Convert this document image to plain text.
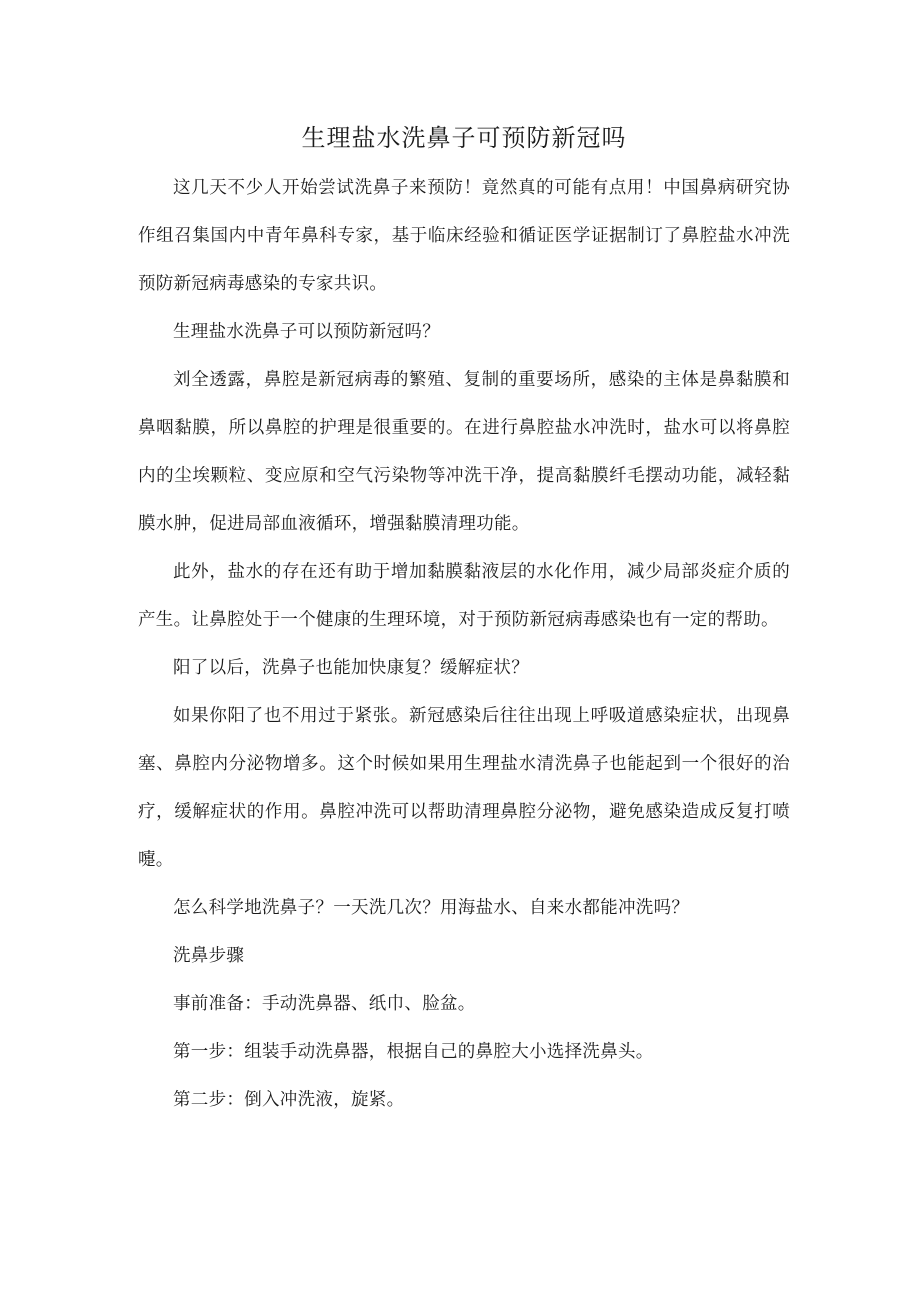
生理盐水洗鼻子可预防新冠吗

这几天不少人开始尝试洗鼻子来预防！竟然真的可能有点用！中国鼻病研究协作组召集国内中青年鼻科专家，基于临床经验和循证医学证据制订了鼻腔盐水冲洗预防新冠病毒感染的专家共识。

生理盐水洗鼻子可以预防新冠吗？

刘全透露，鼻腔是新冠病毒的繁殖、复制的重要场所，感染的主体是鼻黏膜和鼻咽黏膜，所以鼻腔的护理是很重要的。在进行鼻腔盐水冲洗时，盐水可以将鼻腔内的尘埃颗粒、变应原和空气污染物等冲洗干净，提高黏膜纤毛摆动功能，减轻黏膜水肿，促进局部血液循环，增强黏膜清理功能。

此外，盐水的存在还有助于增加黏膜黏液层的水化作用，减少局部炎症介质的产生。让鼻腔处于一个健康的生理环境，对于预防新冠病毒感染也有一定的帮助。

阳了以后，洗鼻子也能加快康复？缓解症状？

如果你阳了也不用过于紧张。新冠感染后往往出现上呼吸道感染症状，出现鼻塞、鼻腔内分泌物增多。这个时候如果用生理盐水清洗鼻子也能起到一个很好的治疗，缓解症状的作用。鼻腔冲洗可以帮助清理鼻腔分泌物，避免感染造成反复打喷嚏。

怎么科学地洗鼻子？一天洗几次？用海盐水、自来水都能冲洗吗？

洗鼻步骤

事前准备：手动洗鼻器、纸巾、脸盆。

第一步：组装手动洗鼻器，根据自己的鼻腔大小选择洗鼻头。

第二步：倒入冲洗液，旋紧。
